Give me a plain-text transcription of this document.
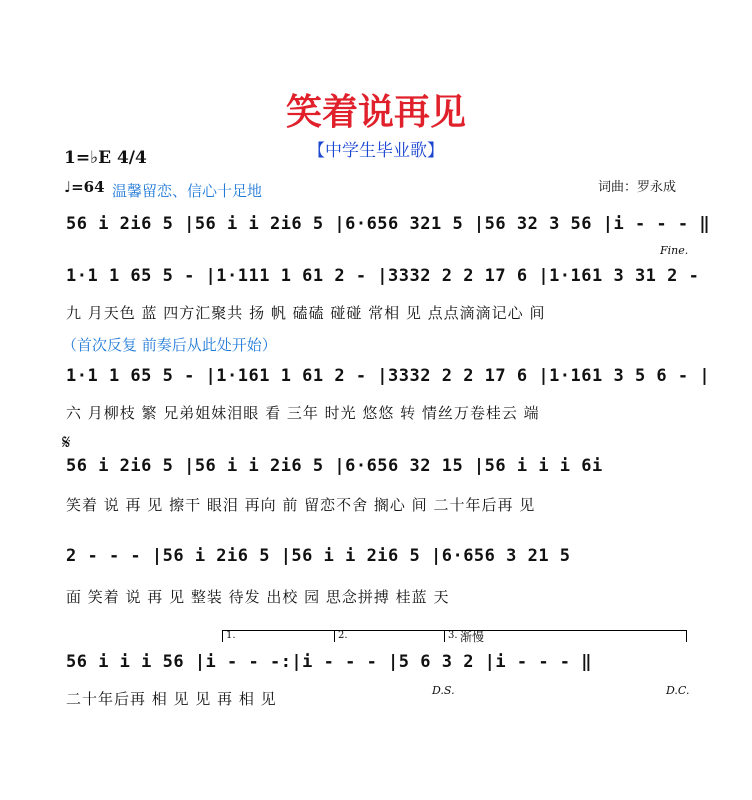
笑着说再见
【中学生毕业歌】
1=♭E 4/4
♩=64 温馨留恋、信心十足地	词曲：罗永成
56 i 2i6 5 |56 i i 2i6 5 |6·656 321 5 |56 32 3 56 |i - - - ‖
Fine.
1·1 1 65 5 - |1·111 1 61 2 - |3332 2 2 17 6 |1·161 3 31 2 -
九 月天色 蓝 四方汇聚共 扬 帆 磕磕 碰碰 常相 见 点点滴滴记心 间
（首次反复 前奏后从此处开始）
1·1 1 65 5 - |1·161 1 61 2 - |3332 2 2 17 6 |1·161 3 5 6 - |
六 月柳枝 繁 兄弟姐妹泪眼 看 三年 时光 悠悠 转 情丝万卷桂云 端
𝄋
56 i 2i6 5 |56 i i 2i6 5 |6·656 32 15 |56 i i i 6i
笑着 说 再 见 擦干 眼泪 再向 前 留恋不舍 搁心 间 二十年后再 见
2 - - - |56 i 2i6 5 |56 i i 2i6 5 |6·656 3 21 5
面 笑着 说 再 见 整装 待发 出校 园 思念拼搏 桂蓝 天
1.	2.	3. 渐慢
56 i i i 56 |i - - -:|i - - - |5 6 3 2 |i - - - ‖
二十年后再 相 见 见 再 相 见	D.S.	D.C.
